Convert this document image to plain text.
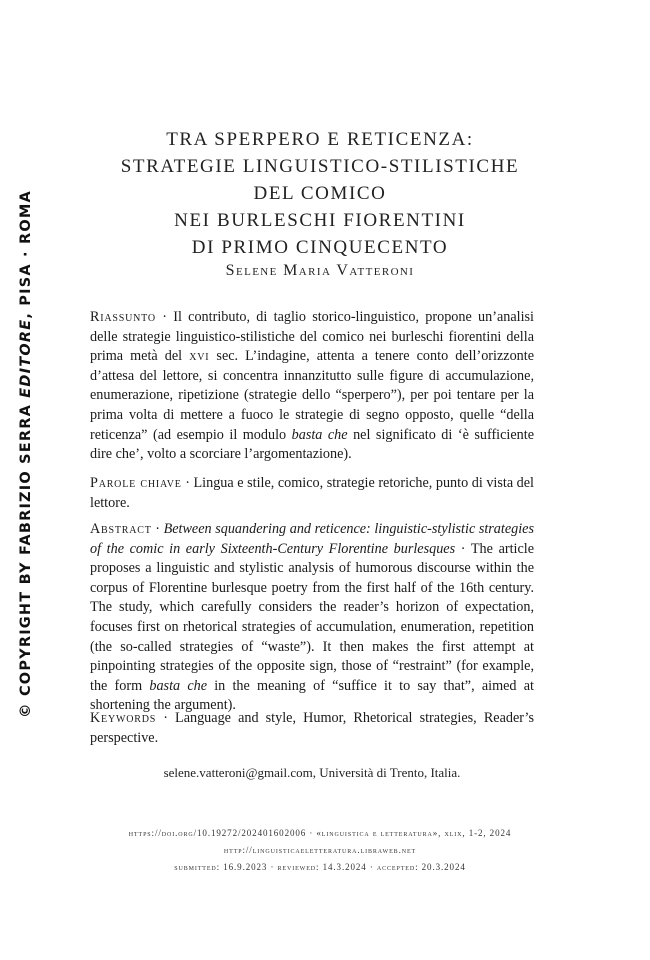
© COPYRIGHT BY FABRIZIO SERRA EDITORE, PISA · ROMA
TRA SPERPERO E RETICENZA:
STRATEGIE LINGUISTICO-STILISTICHE
DEL COMICO
NEI BURLESCHI FIORENTINI
DI PRIMO CINQUECENTO
Selene Maria Vatteroni
Riassunto · Il contributo, di taglio storico-linguistico, propone un’analisi delle strategie linguistico-stilistiche del comico nei burleschi fiorentini della prima metà del xvi sec. L’indagine, attenta a tenere conto dell’orizzonte d’attesa del lettore, si concentra innanzitutto sulle figure di accumulazione, enumerazione, ripetizione (strategie dello “sperpero”), per poi tentare per la prima volta di mettere a fuoco le strategie di segno opposto, quelle “della reticenza” (ad esempio il modulo basta che nel significato di ‘è sufficiente dire che’, volto a scorciare l’argomentazione).
Parole chiave · Lingua e stile, comico, strategie retoriche, punto di vista del lettore.
Abstract · Between squandering and reticence: linguistic-stylistic strategies of the comic in early Sixteenth-Century Florentine burlesques · The article proposes a linguistic and stylistic analysis of humorous discourse within the corpus of Florentine burlesque poetry from the first half of the 16th century. The study, which carefully considers the reader’s horizon of expectation, focuses first on rhetorical strategies of accumulation, enumeration, repetition (the so-called strategies of “waste”). It then makes the first attempt at pinpointing strategies of the opposite sign, those of “restraint” (for example, the form basta che in the meaning of “suffice it to say that”, aimed at shortening the argument).
Keywords · Language and style, Humor, Rhetorical strategies, Reader’s perspective.
selene.vatteroni@gmail.com, Università di Trento, Italia.
https://doi.org/10.19272/202401602006 · «linguistica e letteratura», xlix, 1-2, 2024
http://linguisticaeletteratura.libraweb.net
submitted: 16.9.2023 · reviewed: 14.3.2024 · accepted: 20.3.2024
